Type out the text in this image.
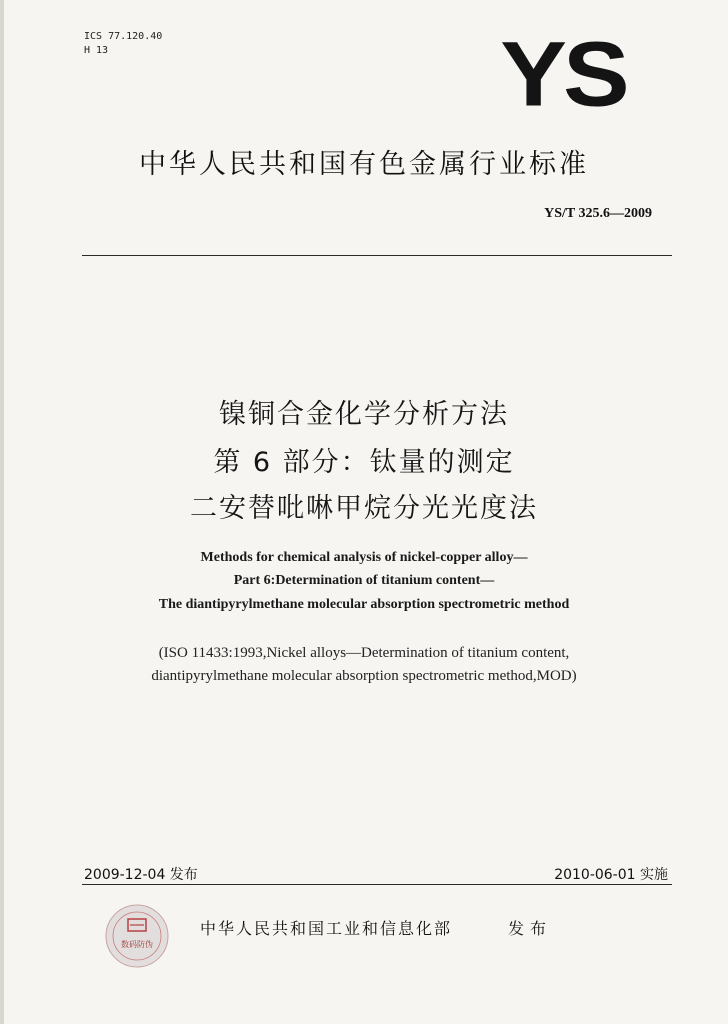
ICS 77.120.40
H 13	YS
中华人民共和国有色金属行业标准
YS/T 325.6—2009
镍铜合金化学分析方法
第 6 部分：钛量的测定
二安替吡啉甲烷分光光度法
Methods for chemical analysis of nickel-copper alloy—
Part 6:Determination of titanium content—
The diantipyrylmethane molecular absorption spectrometric method
(ISO 11433:1993,Nickel alloys—Determination of titanium content,
diantipyrylmethane molecular absorption spectrometric method,MOD)
2009-12-04 发布	2010-06-01 实施
数码防伪
中华人民共和国工业和信息化部	发布
